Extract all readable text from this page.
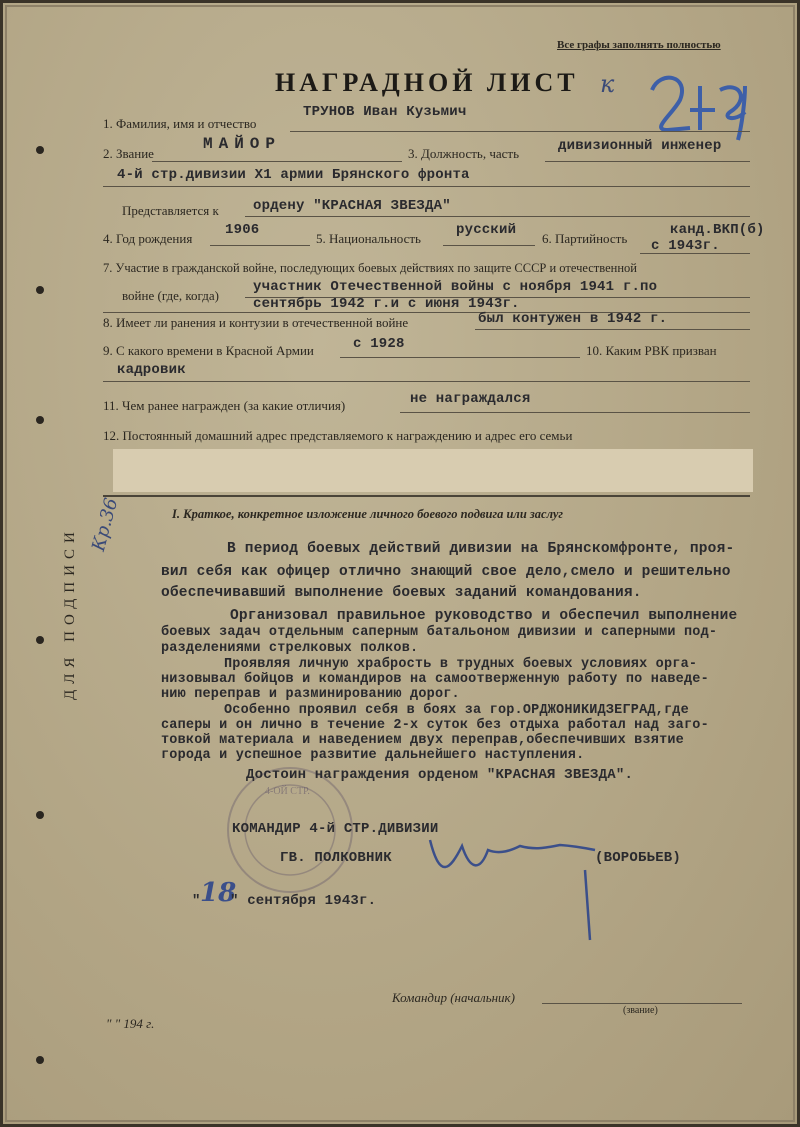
Все графы заполнять полностью
НАГРАДНОЙ ЛИСТ к
1. Фамилия, имя и отчество
ТРУНОВ Иван Кузьмич
2. Звание
МАЙОР
3. Должность, часть	дивизионный инженер
4-й стр.дивизии Х1 армии Брянского фронта
Представляется к ордену "КРАСНАЯ ЗВЕЗДА"
4. Год рождения
1906
5. Национальность
русский
6. Партийность
канд.ВКП(б)
с 1943г.
7. Участие в гражданской войне, последующих боевых действиях по защите СССР и отечественной
войне (где, когда)
участник Отечественной войны с ноября 1941 г.по
сентябрь 1942 г.и с июня 1943г.
8. Имеет ли ранения и контузии в отечественной войне	был контужен в 1942 г.
9. С какого времени в Красной Армии	с 1928	10. Каким РВК призван
кадровик
11. Чем ранее награжден (за какие отличия)	не награждался
12. Постоянный домашний адрес представляемого к награждению и адрес его семьи
I. Краткое, конкретное изложение личного боевого подвига или заслуг
Кр.36	В период боевых действий дивизии на Брянскомфронте, проя-
вил себя как офицер отлично знающий свое дело,смело и решительно
обеспечивавший выполнение боевых заданий командования.
Организовал правильное руководство и обеспечил выполнение
боевых задач отдельным саперным батальоном дивизии и саперными под-
разделениями стрелковых полков.
Проявляя личную храбрость в трудных боевых условиях орга-
низовывал бойцов и командиров на самоотверженную работу по наведе-
нию переправ и разминированию дорог.
Особенно проявил себя в боях за гор.ОРДЖОНИКИДЗЕГРАД,где
саперы и он лично в течение 2-х суток без отдыха работал над заго-
товкой материала и наведением двух переправ,обеспечивших взятие
города и успешное развитие дальнейшего наступления.
Достоин награждения орденом "КРАСНАЯ ЗВЕЗДА".
4-ОЙ СТР.
КОМАНДИР 4-й СТР.ДИВИЗИИ
ГВ. ПОЛКОВНИК	(ВОРОБЬЕВ)
" 18
" сентября 1943г.
Командир (начальник)
(звание)
" " 194 г.
ДЛЯ ПОДПИСИ
